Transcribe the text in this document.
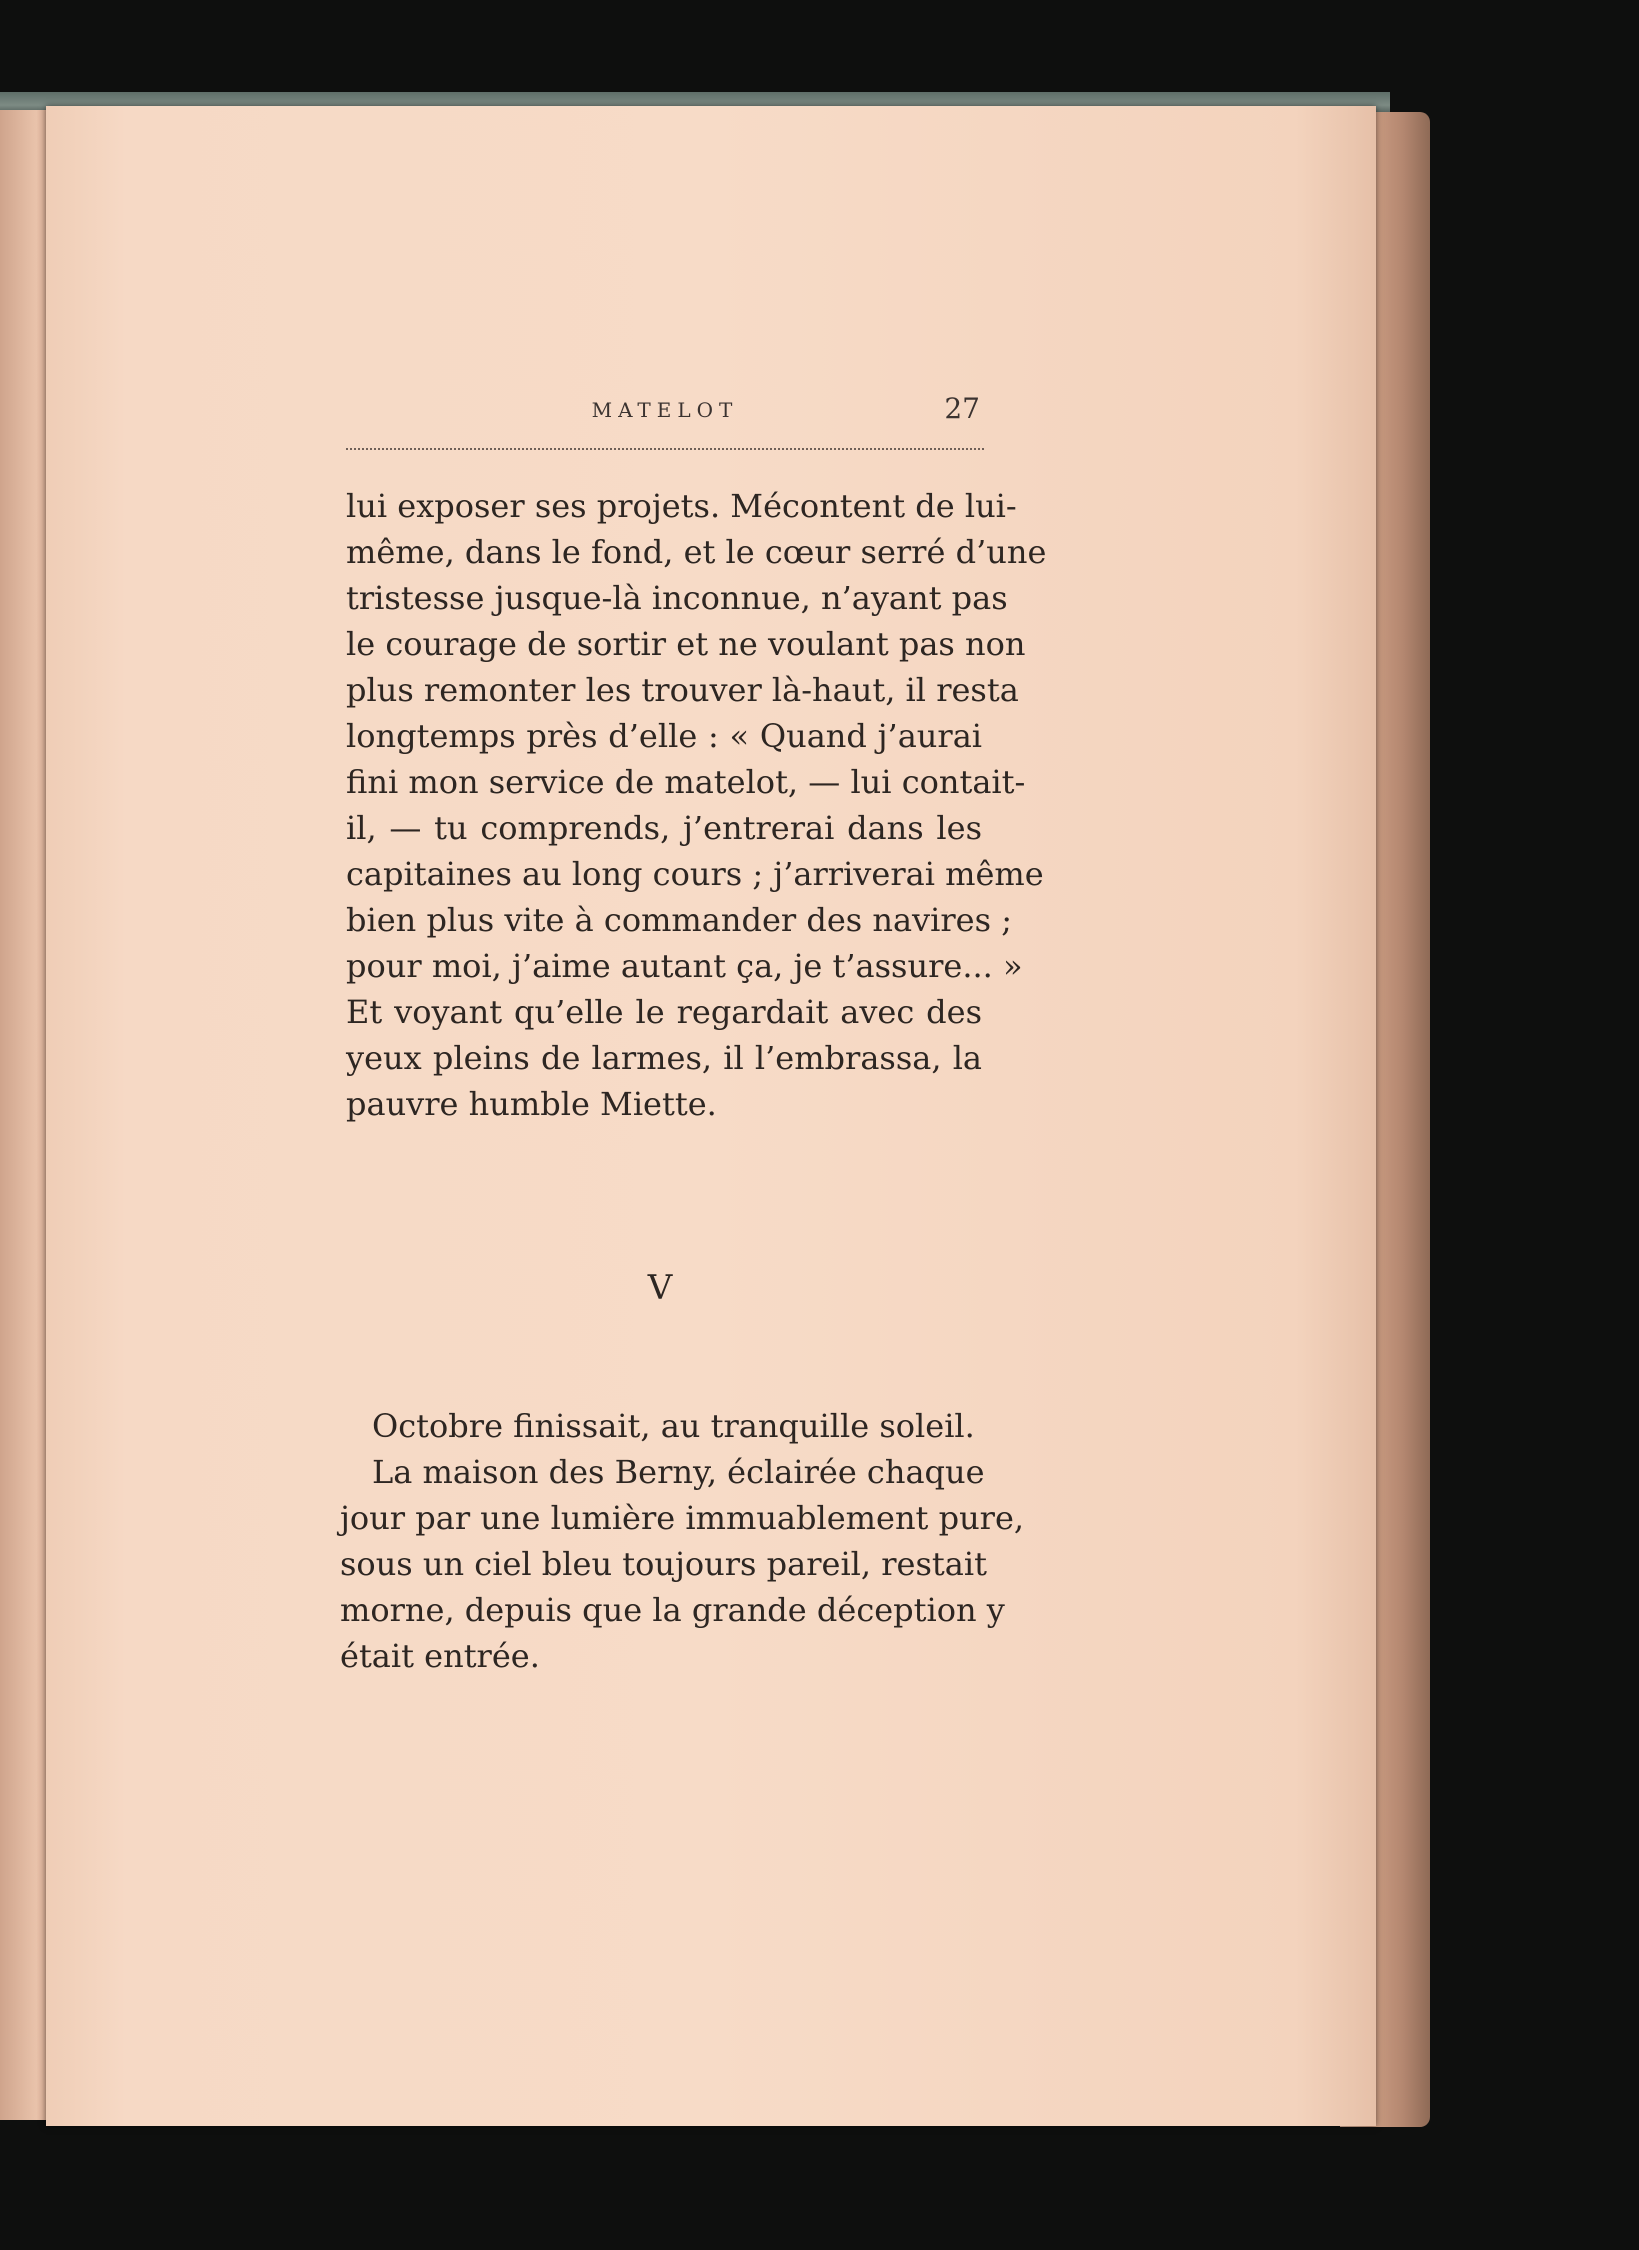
MATELOT	27

lui exposer ses projets. Mécontent de lui-

même, dans le fond, et le cœur serré d’une

tristesse jusque-là inconnue, n’ayant pas

le courage de sortir et ne voulant pas non

plus remonter les trouver là-haut, il resta

longtemps près d’elle : « Quand j’aurai

fini mon service de matelot, — lui contait-

il, — tu comprends, j’entrerai dans les

capitaines au long cours ; j’arriverai même

bien plus vite à commander des navires ;

pour moi, j’aime autant ça, je t’assure... »

Et voyant qu’elle le regardait avec des

yeux pleins de larmes, il l’embrassa, la

pauvre humble Miette.

V

Octobre finissait, au tranquille soleil.

La maison des Berny, éclairée chaque

jour par une lumière immuablement pure,

sous un ciel bleu toujours pareil, restait

morne, depuis que la grande déception y

était entrée.
